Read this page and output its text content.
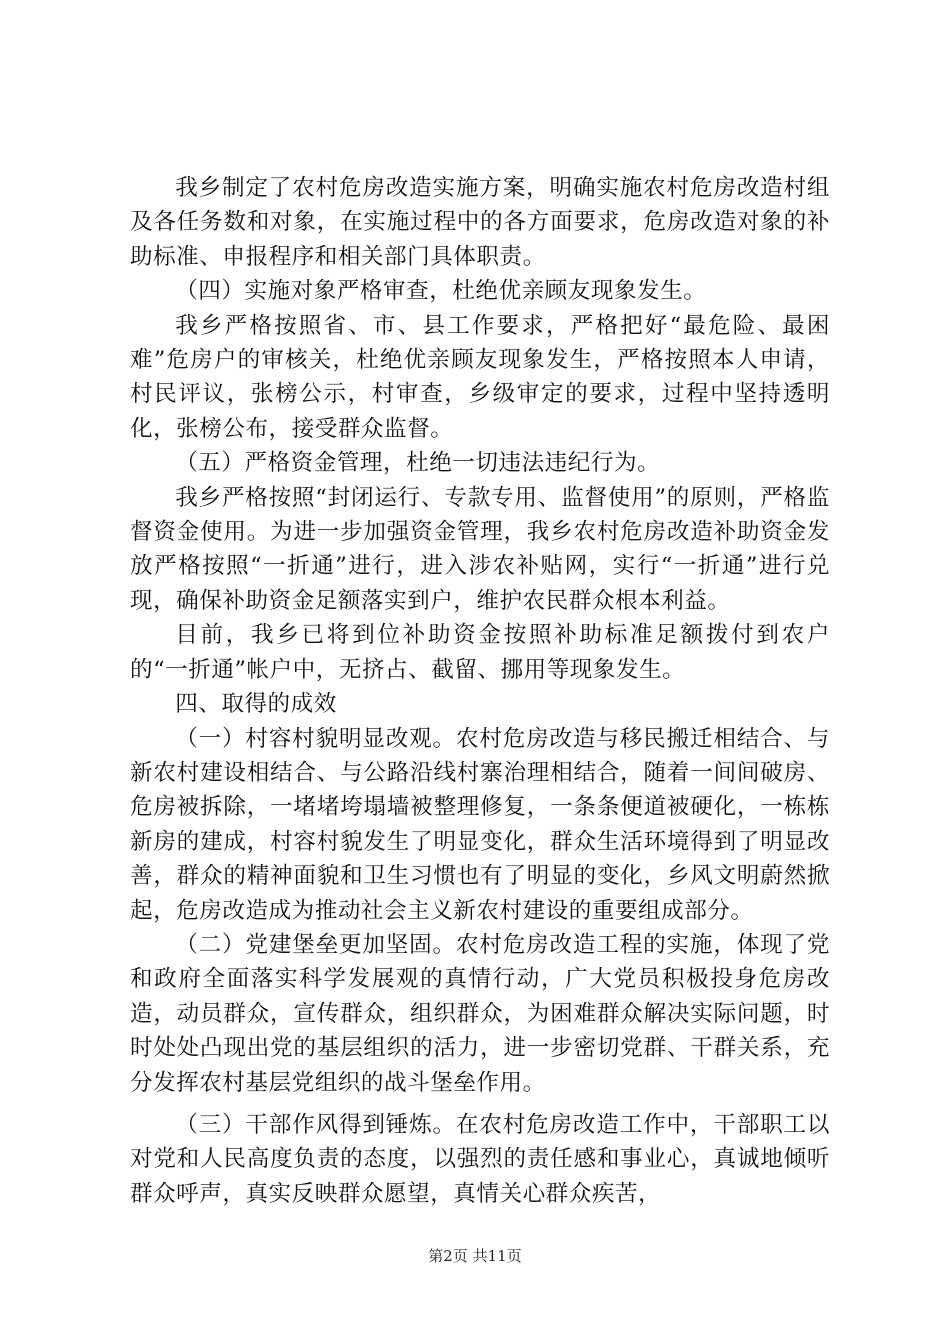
我乡制定了农村危房改造实施方案，明确实施农村危房改造村组及各任务数和对象，在实施过程中的各方面要求，危房改造对象的补助标准、申报程序和相关部门具体职责。

（四）实施对象严格审查，杜绝优亲顾友现象发生。

我乡严格按照省、市、县工作要求，严格把好“最危险、最困难”危房户的审核关，杜绝优亲顾友现象发生，严格按照本人申请，村民评议，张榜公示，村审查，乡级审定的要求，过程中坚持透明化，张榜公布，接受群众监督。

（五）严格资金管理，杜绝一切违法违纪行为。

我乡严格按照“封闭运行、专款专用、监督使用”的原则，严格监督资金使用。为进一步加强资金管理，我乡农村危房改造补助资金发放严格按照“一折通”进行，进入涉农补贴网，实行“一折通”进行兑现，确保补助资金足额落实到户，维护农民群众根本利益。

目前，我乡已将到位补助资金按照补助标准足额拨付到农户的“一折通”帐户中，无挤占、截留、挪用等现象发生。

四、取得的成效

（一）村容村貌明显改观。农村危房改造与移民搬迁相结合、与新农村建设相结合、与公路沿线村寨治理相结合，随着一间间破房、危房被拆除，一堵堵垮塌墙被整理修复，一条条便道被硬化，一栋栋新房的建成，村容村貌发生了明显变化，群众生活环境得到了明显改善，群众的精神面貌和卫生习惯也有了明显的变化，乡风文明蔚然掀起，危房改造成为推动社会主义新农村建设的重要组成部分。

（二）党建堡垒更加坚固。农村危房改造工程的实施，体现了党和政府全面落实科学发展观的真情行动，广大党员积极投身危房改造，动员群众，宣传群众，组织群众，为困难群众解决实际问题，时时处处凸现出党的基层组织的活力，进一步密切党群、干群关系，充分发挥农村基层党组织的战斗堡垒作用。

（三）干部作风得到锤炼。在农村危房改造工作中，干部职工以对党和人民高度负责的态度，以强烈的责任感和事业心，真诚地倾听群众呼声，真实反映群众愿望，真情关心群众疾苦，

第2页 共11页
